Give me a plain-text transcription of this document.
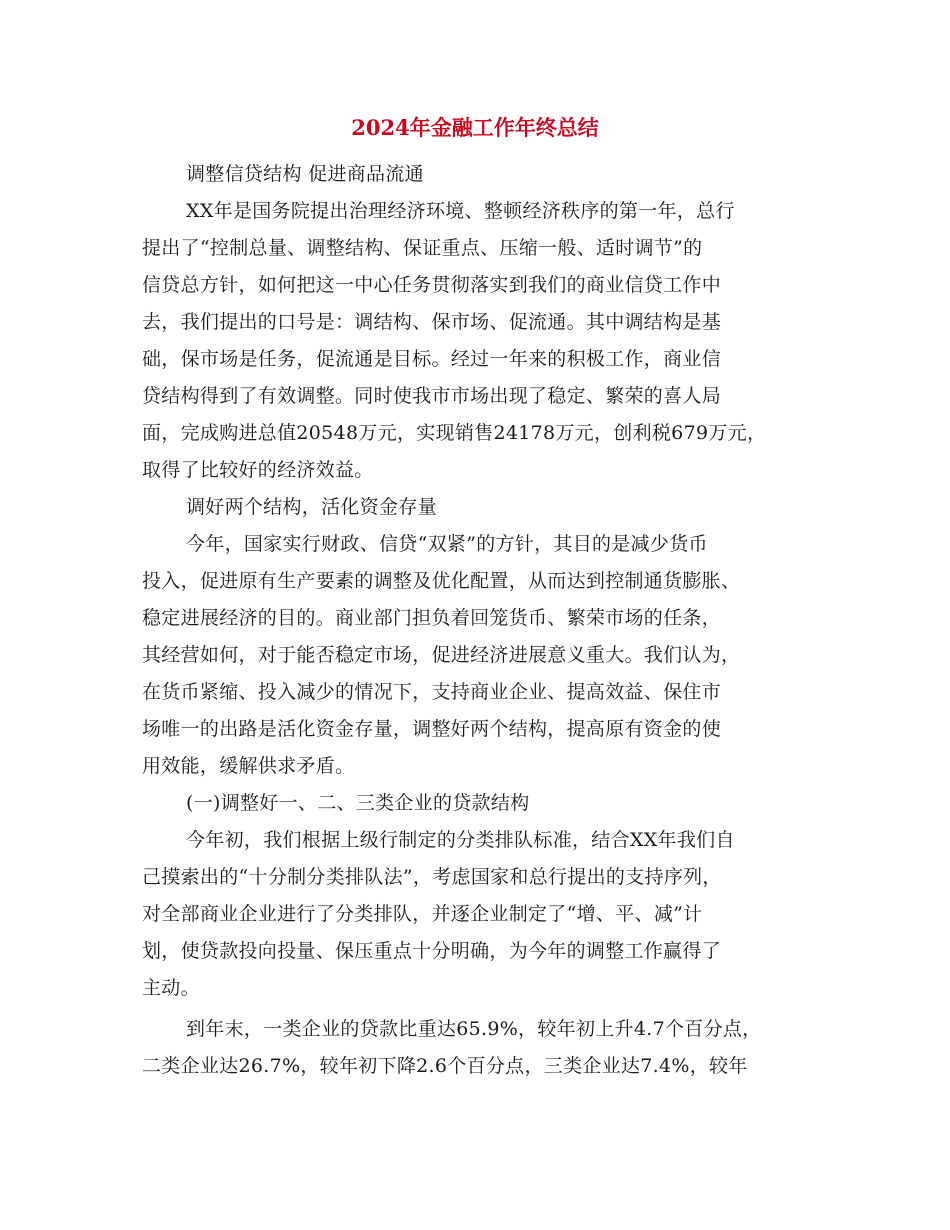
2024年金融工作年终总结
调整信贷结构 促进商品流通
XX年是国务院提出治理经济环境、整顿经济秩序的第一年，总行
提出了“控制总量、调整结构、保证重点、压缩一般、适时调节”的
信贷总方针，如何把这一中心任务贯彻落实到我们的商业信贷工作中
去，我们提出的口号是：调结构、保市场、促流通。其中调结构是基
础，保市场是任务，促流通是目标。经过一年来的积极工作，商业信
贷结构得到了有效调整。同时使我市市场出现了稳定、繁荣的喜人局
面，完成购进总值20548万元，实现销售24178万元，创利税679万元，
取得了比较好的经济效益。
调好两个结构，活化资金存量
今年，国家实行财政、信贷“双紧”的方针，其目的是减少货币
投入，促进原有生产要素的调整及优化配置，从而达到控制通货膨胀、
稳定进展经济的目的。商业部门担负着回笼货币、繁荣市场的任条，
其经营如何，对于能否稳定市场，促进经济进展意义重大。我们认为，
在货币紧缩、投入减少的情况下，支持商业企业、提高效益、保住市
场唯一的出路是活化资金存量，调整好两个结构，提高原有资金的使
用效能，缓解供求矛盾。
(一)调整好一、二、三类企业的贷款结构
今年初，我们根据上级行制定的分类排队标准，结合XX年我们自
己摸索出的“十分制分类排队法”，考虑国家和总行提出的支持序列，
对全部商业企业进行了分类排队，并逐企业制定了“增、平、减”计
划，使贷款投向投量、保压重点十分明确，为今年的调整工作赢得了
主动。
到年末，一类企业的贷款比重达65.9%，较年初上升4.7个百分点，
二类企业达26.7%，较年初下降2.6个百分点，三类企业达7.4%，较年
